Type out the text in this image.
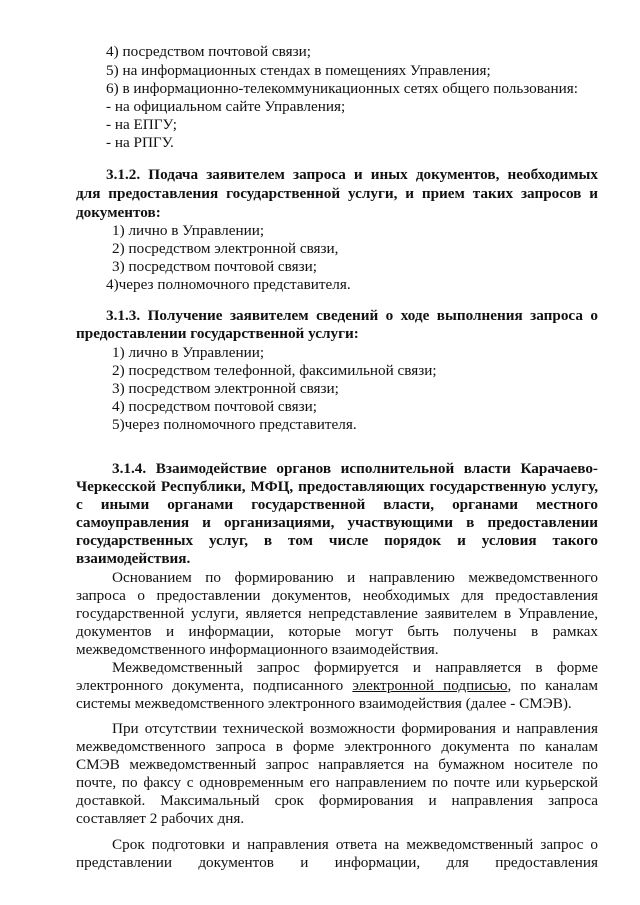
4) посредством почтовой связи;
5) на информационных стендах в помещениях Управления;
6) в информационно-телекоммуникационных сетях общего пользования:
- на официальном сайте Управления;
- на ЕПГУ;
- на РПГУ.
3.1.2. Подача заявителем запроса и иных документов, необходимых
для предоставления государственной услуги, и прием таких запросов и
документов:
1) лично в Управлении;
2) посредством электронной связи,
3) посредством почтовой связи;
4)через полномочного представителя.
3.1.3. Получение заявителем сведений о ходе выполнения запроса о
предоставлении государственной услуги:
1) лично в Управлении;
2) посредством телефонной, факсимильной связи;
3) посредством электронной связи;
4) посредством почтовой связи;
5)через полномочного представителя.
3.1.4. Взаимодействие органов исполнительной власти Карачаево-
Черкесской Республики, МФЦ, предоставляющих государственную услугу,
с иными органами государственной власти, органами местного
самоуправления и организациями, участвующими в предоставлении
государственных услуг, в том числе порядок и условия такого
взаимодействия.
Основанием по формированию и направлению межведомственного
запроса о предоставлении документов, необходимых для предоставления
государственной услуги, является непредставление заявителем в Управление,
документов и информации, которые могут быть получены в рамках
межведомственного информационного взаимодействия.
Межведомственный запрос формируется и направляется в форме
электронного документа, подписанного электронной подписью, по каналам
системы межведомственного электронного взаимодействия (далее - СМЭВ).
При отсутствии технической возможности формирования и направления
межведомственного запроса в форме электронного документа по каналам
СМЭВ межведомственный запрос направляется на бумажном носителе по
почте, по факсу с одновременным его направлением по почте или курьерской
доставкой. Максимальный срок формирования и направления запроса
составляет 2 рабочих дня.
Срок подготовки и направления ответа на межведомственный запрос о
представлении документов и информации, для предоставления
